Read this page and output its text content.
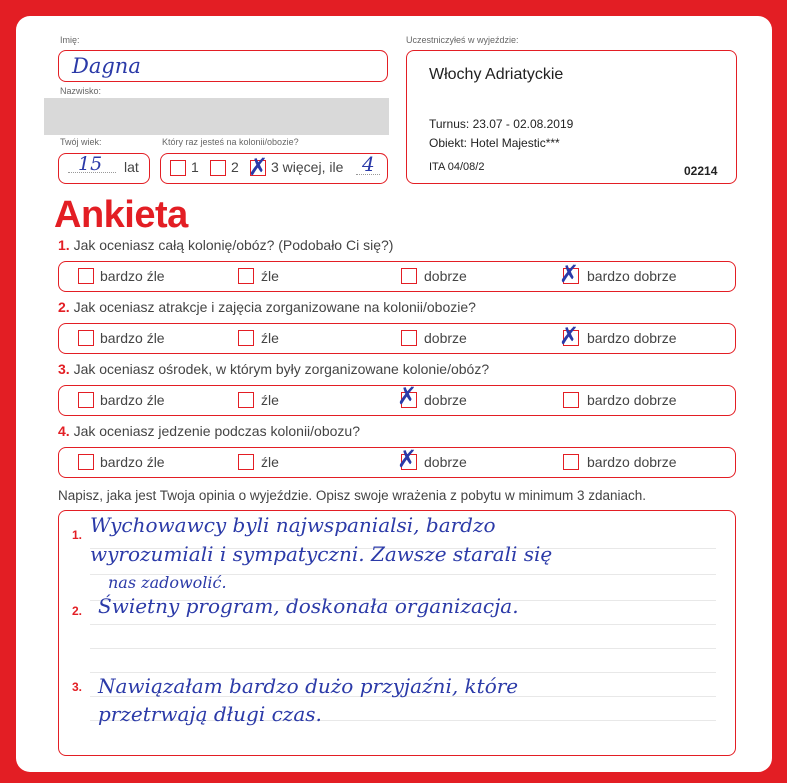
Imię:
Dagna
Nazwisko:
Twój wiek:	Który raz jesteś na kolonii/obozie?
15 lat	1 2 ✗ 3 więcej, ile 4
Uczestniczyłeś w wyjeździe:
Włochy Adriatyckie
Turnus: 23.07 - 02.08.2019
Obiekt: Hotel Majestic***
ITA 04/08/2	02214
Ankieta
1. Jak oceniasz całą kolonię/obóz? (Podobało Ci się?)
bardzo źle	źle	dobrze	✗ bardzo dobrze
2. Jak oceniasz atrakcje i zajęcia zorganizowane na kolonii/obozie?
bardzo źle	źle	dobrze	✗ bardzo dobrze
3. Jak oceniasz ośrodek, w którym były zorganizowane kolonie/obóz?
bardzo źle	źle	✗ dobrze	bardzo dobrze
4. Jak oceniasz jedzenie podczas kolonii/obozu?
bardzo źle	źle	✗ dobrze	bardzo dobrze
Napisz, jaka jest Twoja opinia o wyjeździe. Opisz swoje wrażenia z pobytu w minimum 3 zdaniach.
1.
2.
3.
Wychowawcy byli najwspanialsi, bardzo
wyrozumiali i sympatyczni. Zawsze starali się
nas zadowolić.
Świetny program, doskonała organizacja.
Nawiązałam bardzo dużo przyjaźni, które
przetrwają długi czas.
